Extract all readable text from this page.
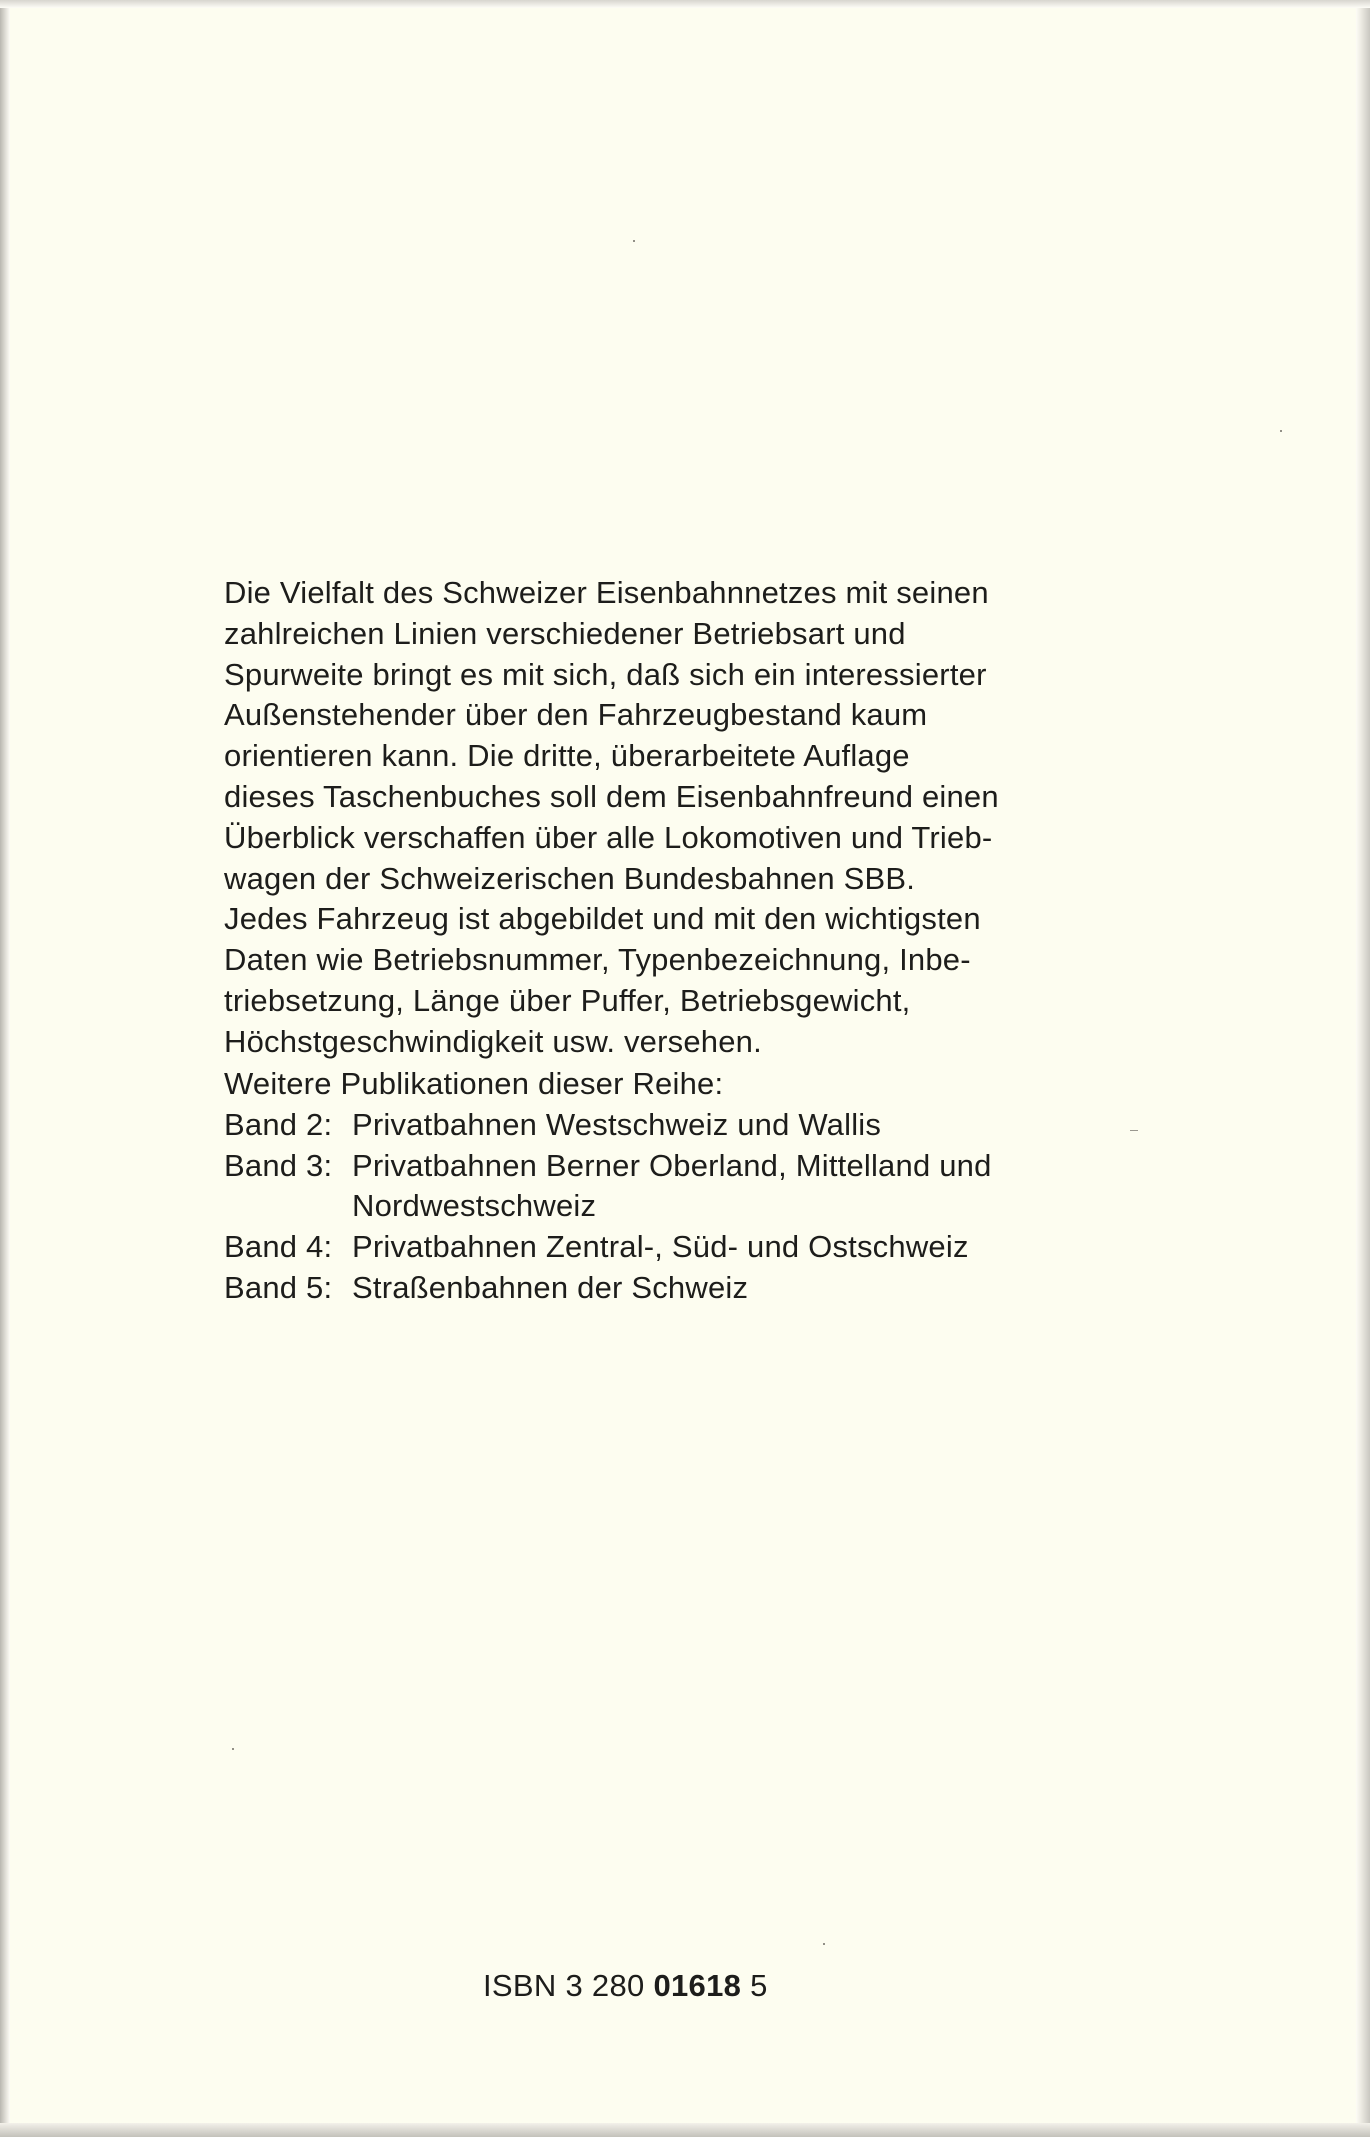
Die Vielfalt des Schweizer Eisenbahnnetzes mit seinen
zahlreichen Linien verschiedener Betriebsart und
Spurweite bringt es mit sich, daß sich ein interessierter
Außenstehender über den Fahrzeugbestand kaum
orientieren kann. Die dritte, überarbeitete Auflage
dieses Taschenbuches soll dem Eisenbahnfreund einen
Überblick verschaffen über alle Lokomotiven und Trieb-
wagen der Schweizerischen Bundesbahnen SBB.
Jedes Fahrzeug ist abgebildet und mit den wichtigsten
Daten wie Betriebsnummer, Typenbezeichnung, Inbe-
triebsetzung, Länge über Puffer, Betriebsgewicht,
Höchstgeschwindigkeit usw. versehen.
Weitere Publikationen dieser Reihe:
Band 2: Privatbahnen Westschweiz und Wallis
Band 3: Privatbahnen Berner Oberland, Mittelland und
Nordwestschweiz
Band 4: Privatbahnen Zentral-, Süd- und Ostschweiz
Band 5: Straßenbahnen der Schweiz
ISBN 3 280 01618 5
